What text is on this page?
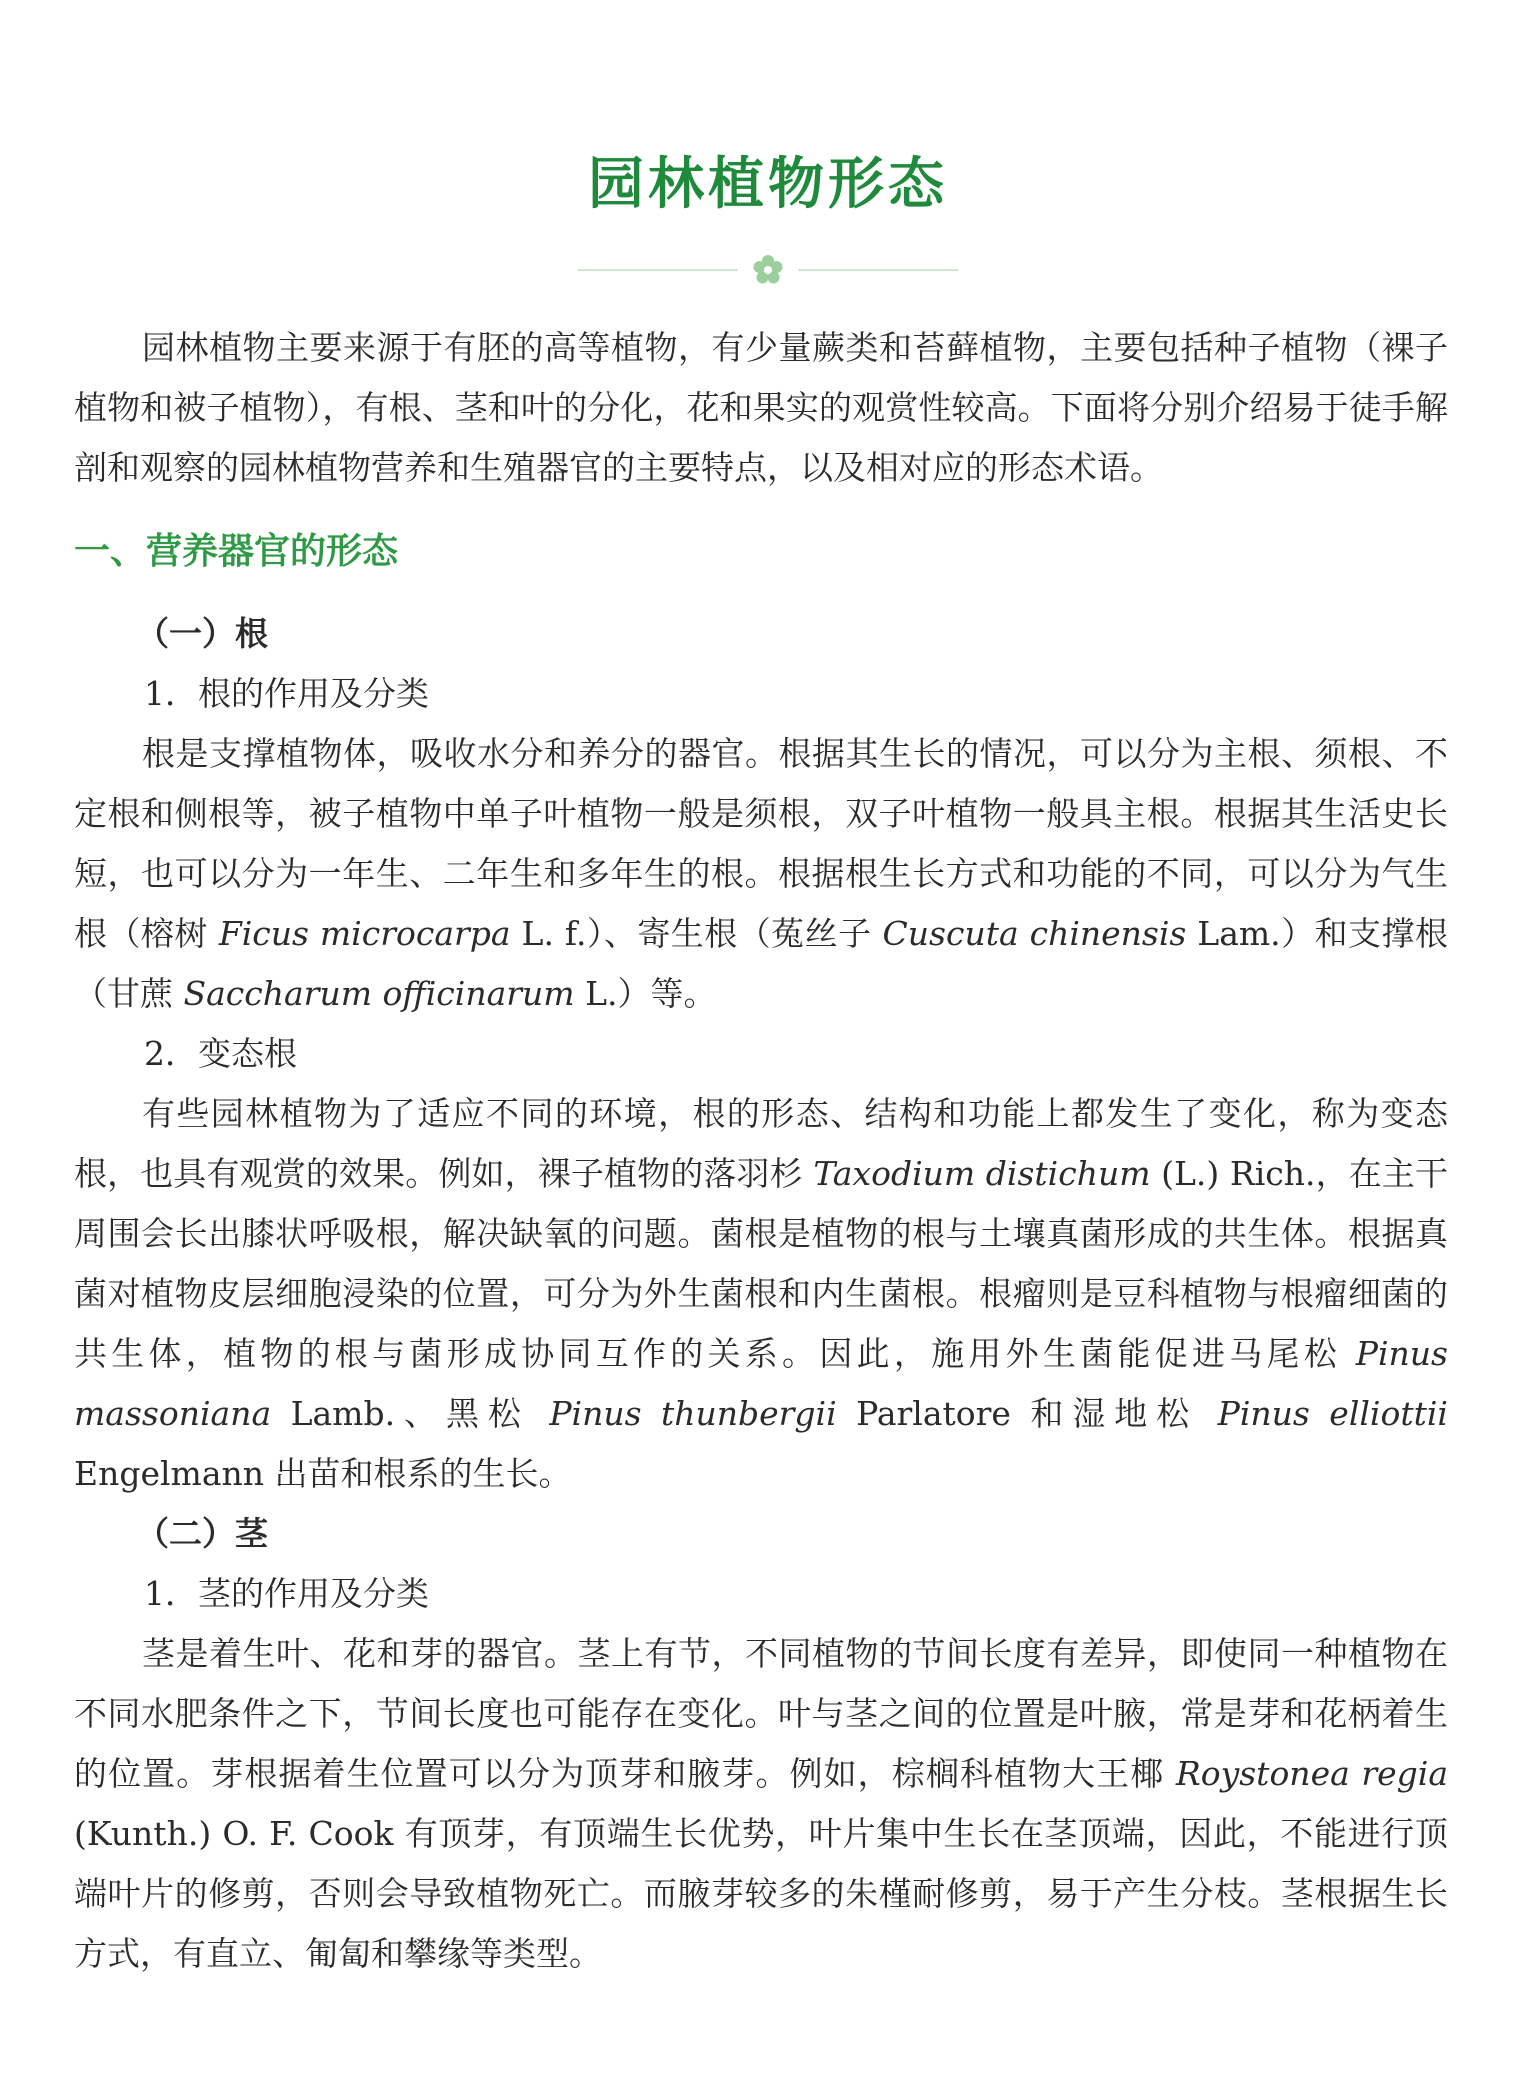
园林植物形态

园林植物主要来源于有胚的高等植物，有少量蕨类和苔藓植物，主要包括种子植物（裸子植物和被子植物），有根、茎和叶的分化，花和果实的观赏性较高。下面将分别介绍易于徒手解剖和观察的园林植物营养和生殖器官的主要特点，以及相对应的形态术语。

一、营养器官的形态
（一）根
1．根的作用及分类

根是支撑植物体，吸收水分和养分的器官。根据其生长的情况，可以分为主根、须根、不定根和侧根等，被子植物中单子叶植物一般是须根，双子叶植物一般具主根。根据其生活史长短，也可以分为一年生、二年生和多年生的根。根据根生长方式和功能的不同，可以分为气生根（榕树 Ficus microcarpa L. f.）、寄生根（菟丝子 Cuscuta chinensis Lam.）和支撑根（甘蔗 Saccharum officinarum L.）等。

2．变态根

有些园林植物为了适应不同的环境，根的形态、结构和功能上都发生了变化，称为变态根，也具有观赏的效果。例如，裸子植物的落羽杉 Taxodium distichum (L.) Rich.，在主干周围会长出膝状呼吸根，解决缺氧的问题。菌根是植物的根与土壤真菌形成的共生体。根据真菌对植物皮层细胞浸染的位置，可分为外生菌根和内生菌根。根瘤则是豆科植物与根瘤细菌的共生体，植物的根与菌形成协同互作的关系。因此，施用外生菌能促进马尾松 Pinus massoniana Lamb.、黑松 Pinus thunbergii Parlatore 和湿地松 Pinus elliottii Engelmann 出苗和根系的生长。

（二）茎
1．茎的作用及分类

茎是着生叶、花和芽的器官。茎上有节，不同植物的节间长度有差异，即使同一种植物在不同水肥条件之下，节间长度也可能存在变化。叶与茎之间的位置是叶腋，常是芽和花柄着生的位置。芽根据着生位置可以分为顶芽和腋芽。例如，棕榈科植物大王椰 Roystonea regia (Kunth.) O. F. Cook 有顶芽，有顶端生长优势，叶片集中生长在茎顶端，因此，不能进行顶端叶片的修剪，否则会导致植物死亡。而腋芽较多的朱槿耐修剪，易于产生分枝。茎根据生长方式，有直立、匍匐和攀缘等类型。
